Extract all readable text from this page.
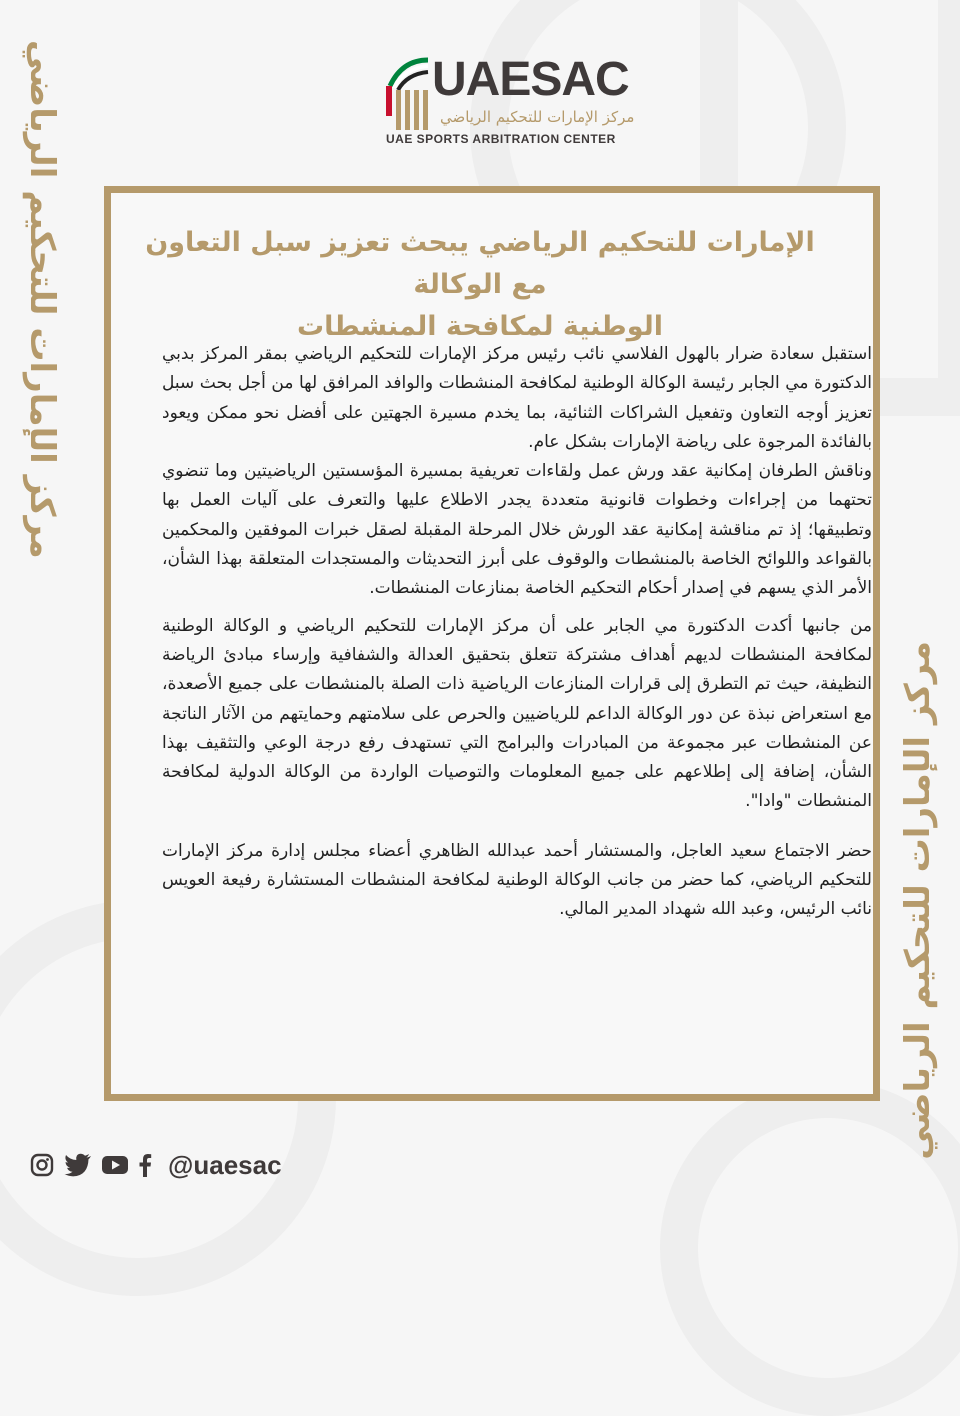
مركز الإمارات للتحكيم الرياضي
مركز الإمارات للتحكيم الرياضي
UAESAC
مركز الإمارات للتحكيم الرياضي
UAE SPORTS ARBITRATION CENTER
الإمارات للتحكيم الرياضي يبحث تعزيز سبل التعاون مع الوكالة
الوطنية لمكافحة المنشطات

استقبل سعادة ضرار بالهول الفلاسي نائب رئيس مركز الإمارات للتحكيم الرياضي بمقر المركز بدبي الدكتورة مي الجابر رئيسة الوكالة الوطنية لمكافحة المنشطات والوافد المرافق لها من أجل بحث سبل تعزيز أوجه التعاون وتفعيل الشراكات الثنائية، بما يخدم مسيرة الجهتين على أفضل نحو ممكن ويعود بالفائدة المرجوة على رياضة الإمارات بشكل عام.

وناقش الطرفان إمكانية عقد ورش عمل ولقاءات تعريفية بمسيرة المؤسستين الرياضيتين وما تنضوي تحتهما من إجراءات وخطوات قانونية متعددة يجدر الاطلاع عليها والتعرف على آليات العمل بها وتطبيقها؛ إذ تم مناقشة إمكانية عقد الورش خلال المرحلة المقبلة لصقل خبرات الموفقين والمحكمين بالقواعد واللوائح الخاصة بالمنشطات والوقوف على أبرز التحديثات والمستجدات المتعلقة بهذا الشأن، الأمر الذي يسهم في إصدار أحكام التحكيم الخاصة بمنازعات المنشطات.

من جانبها أكدت الدكتورة مي الجابر على أن مركز الإمارات للتحكيم الرياضي و الوكالة الوطنية لمكافحة المنشطات لديهم أهداف مشتركة تتعلق بتحقيق العدالة والشفافية وإرساء مبادئ الرياضة النظيفة، حيث تم التطرق إلى قرارات المنازعات الرياضية ذات الصلة بالمنشطات على جميع الأصعدة، مع استعراض نبذة عن دور الوكالة الداعم للرياضيين والحرص على سلامتهم وحمايتهم من الآثار الناتجة عن المنشطات عبر مجموعة من المبادرات والبرامج التي تستهدف رفع درجة الوعي والتثقيف بهذا الشأن، إضافة إلى إطلاعهم على جميع المعلومات والتوصيات الواردة من الوكالة الدولية لمكافحة المنشطات "وادا".

حضر الاجتماع سعيد العاجل، والمستشار أحمد عبدالله الظاهري أعضاء مجلس إدارة مركز الإمارات للتحكيم الرياضي، كما حضر من جانب الوكالة الوطنية لمكافحة المنشطات المستشارة رفيعة العويس نائب الرئيس، وعبد الله شهداد المدير المالي.

@uaesac
